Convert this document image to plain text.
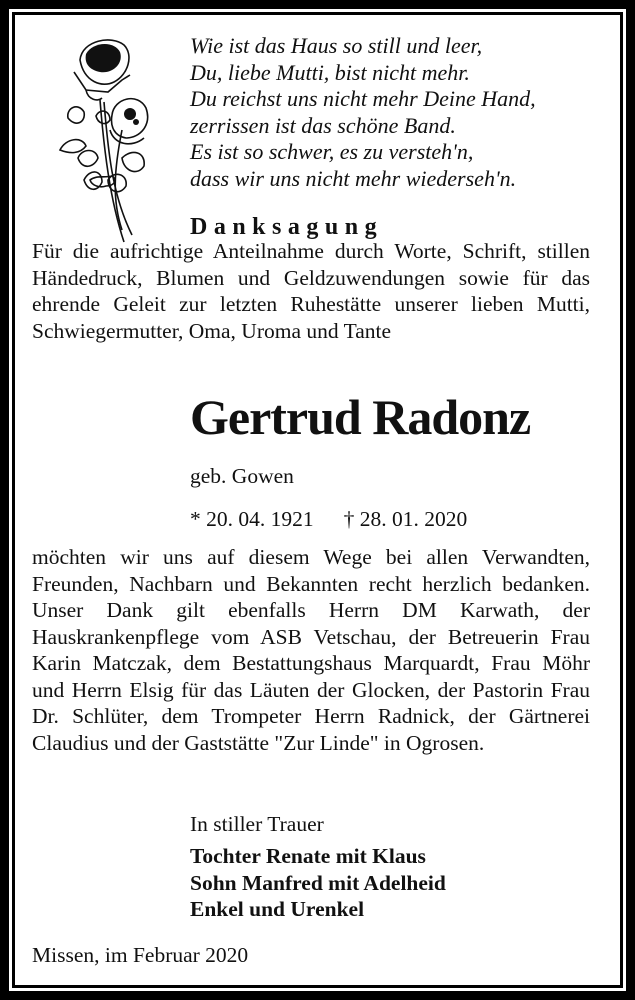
Wie ist das Haus so still und leer,
Du, liebe Mutti, bist nicht mehr.
Du reichst uns nicht mehr Deine Hand,
zerrissen ist das schöne Band.
Es ist so schwer, es zu versteh'n,
dass wir uns nicht mehr wiederseh'n.
Danksagung
Für die aufrichtige Anteilnahme durch Worte, Schrift, stillen Händedruck, Blumen und Geldzuwendungen sowie für das ehrende Geleit zur letzten Ruhestätte unserer lieben Mutti, Schwiegermutter, Oma, Uroma und Tante
Gertrud Radonz
geb. Gowen
* 20. 04. 1921 † 28. 01. 2020
möchten wir uns auf diesem Wege bei allen Verwandten, Freunden, Nachbarn und Bekannten recht herzlich bedanken. Unser Dank gilt ebenfalls Herrn DM Karwath, der Hauskrankenpflege vom ASB Vetschau, der Betreuerin Frau Karin Matczak, dem Bestattungshaus Marquardt, Frau Möhr und Herrn Elsig für das Läuten der Glocken, der Pastorin Frau Dr. Schlüter, dem Trompeter Herrn Radnick, der Gärtnerei Claudius und der Gaststätte "Zur Linde" in Ogrosen.
In stiller Trauer
Tochter Renate mit Klaus
Sohn Manfred mit Adelheid
Enkel und Urenkel
Missen, im Februar 2020
